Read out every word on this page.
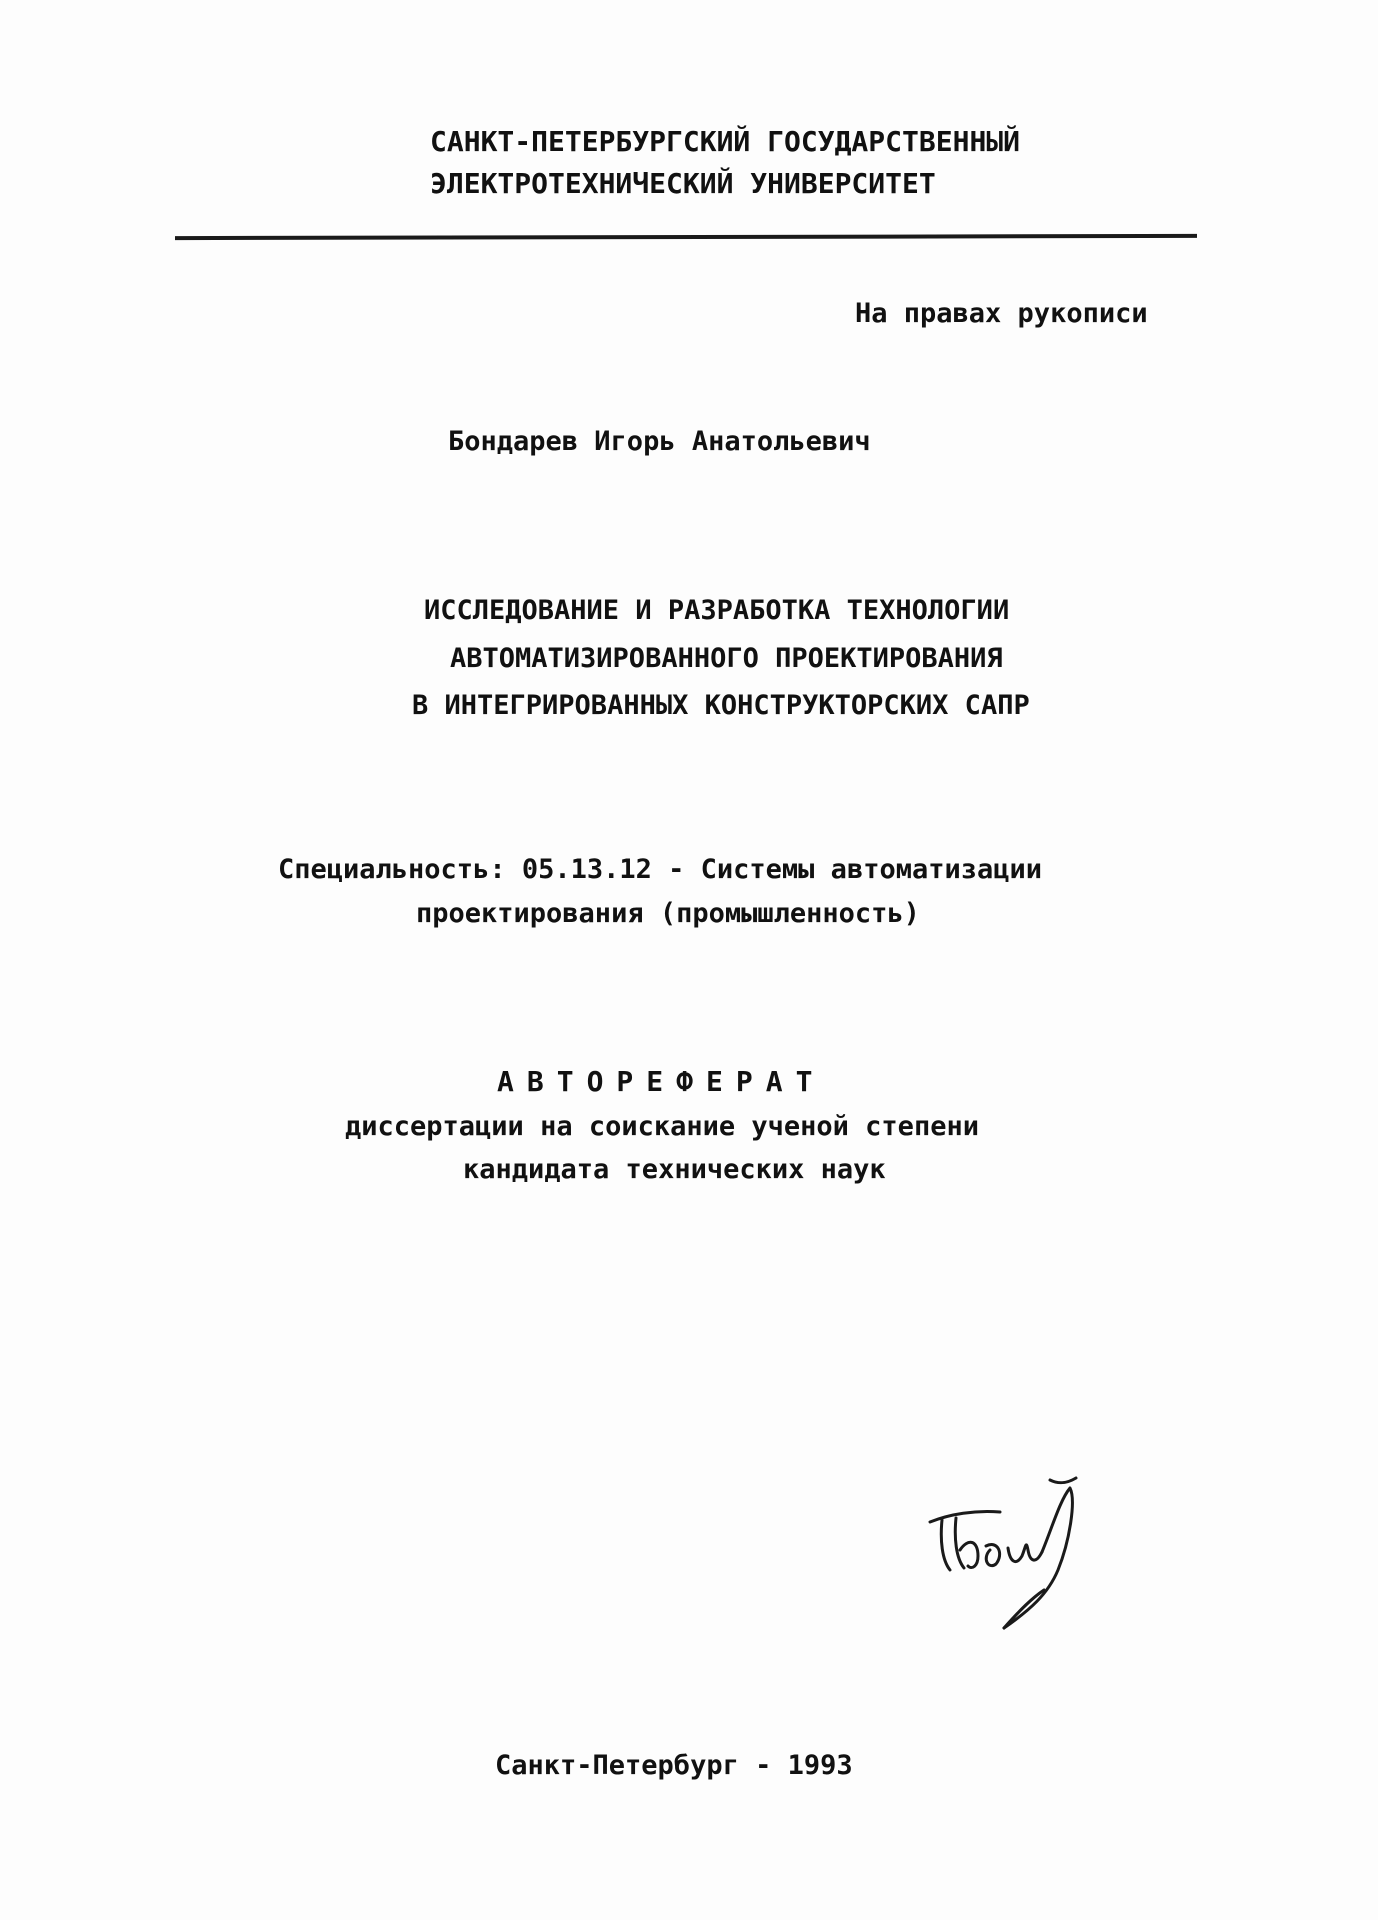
САНКТ-ПЕТЕРБУРГСКИЙ ГОСУДАРСТВЕННЫЙ
ЭЛЕКТРОТЕХНИЧЕСКИЙ УНИВЕРСИТЕТ
На правах рукописи
Бондарев Игорь Анатольевич
ИССЛЕДОВАНИЕ И РАЗРАБОТКА ТЕХНОЛОГИИ
АВТОМАТИЗИРОВАННОГО ПРОЕКТИРОВАНИЯ
В ИНТЕГРИРОВАННЫХ КОНСТРУКТОРСКИХ САПР
Специальность: 05.13.12 - Системы автоматизации
проектирования (промышленность)
АВТОРЕФЕРАТ
диссертации на соискание ученой степени
кандидата технических наук
Санкт-Петербург - 1993
